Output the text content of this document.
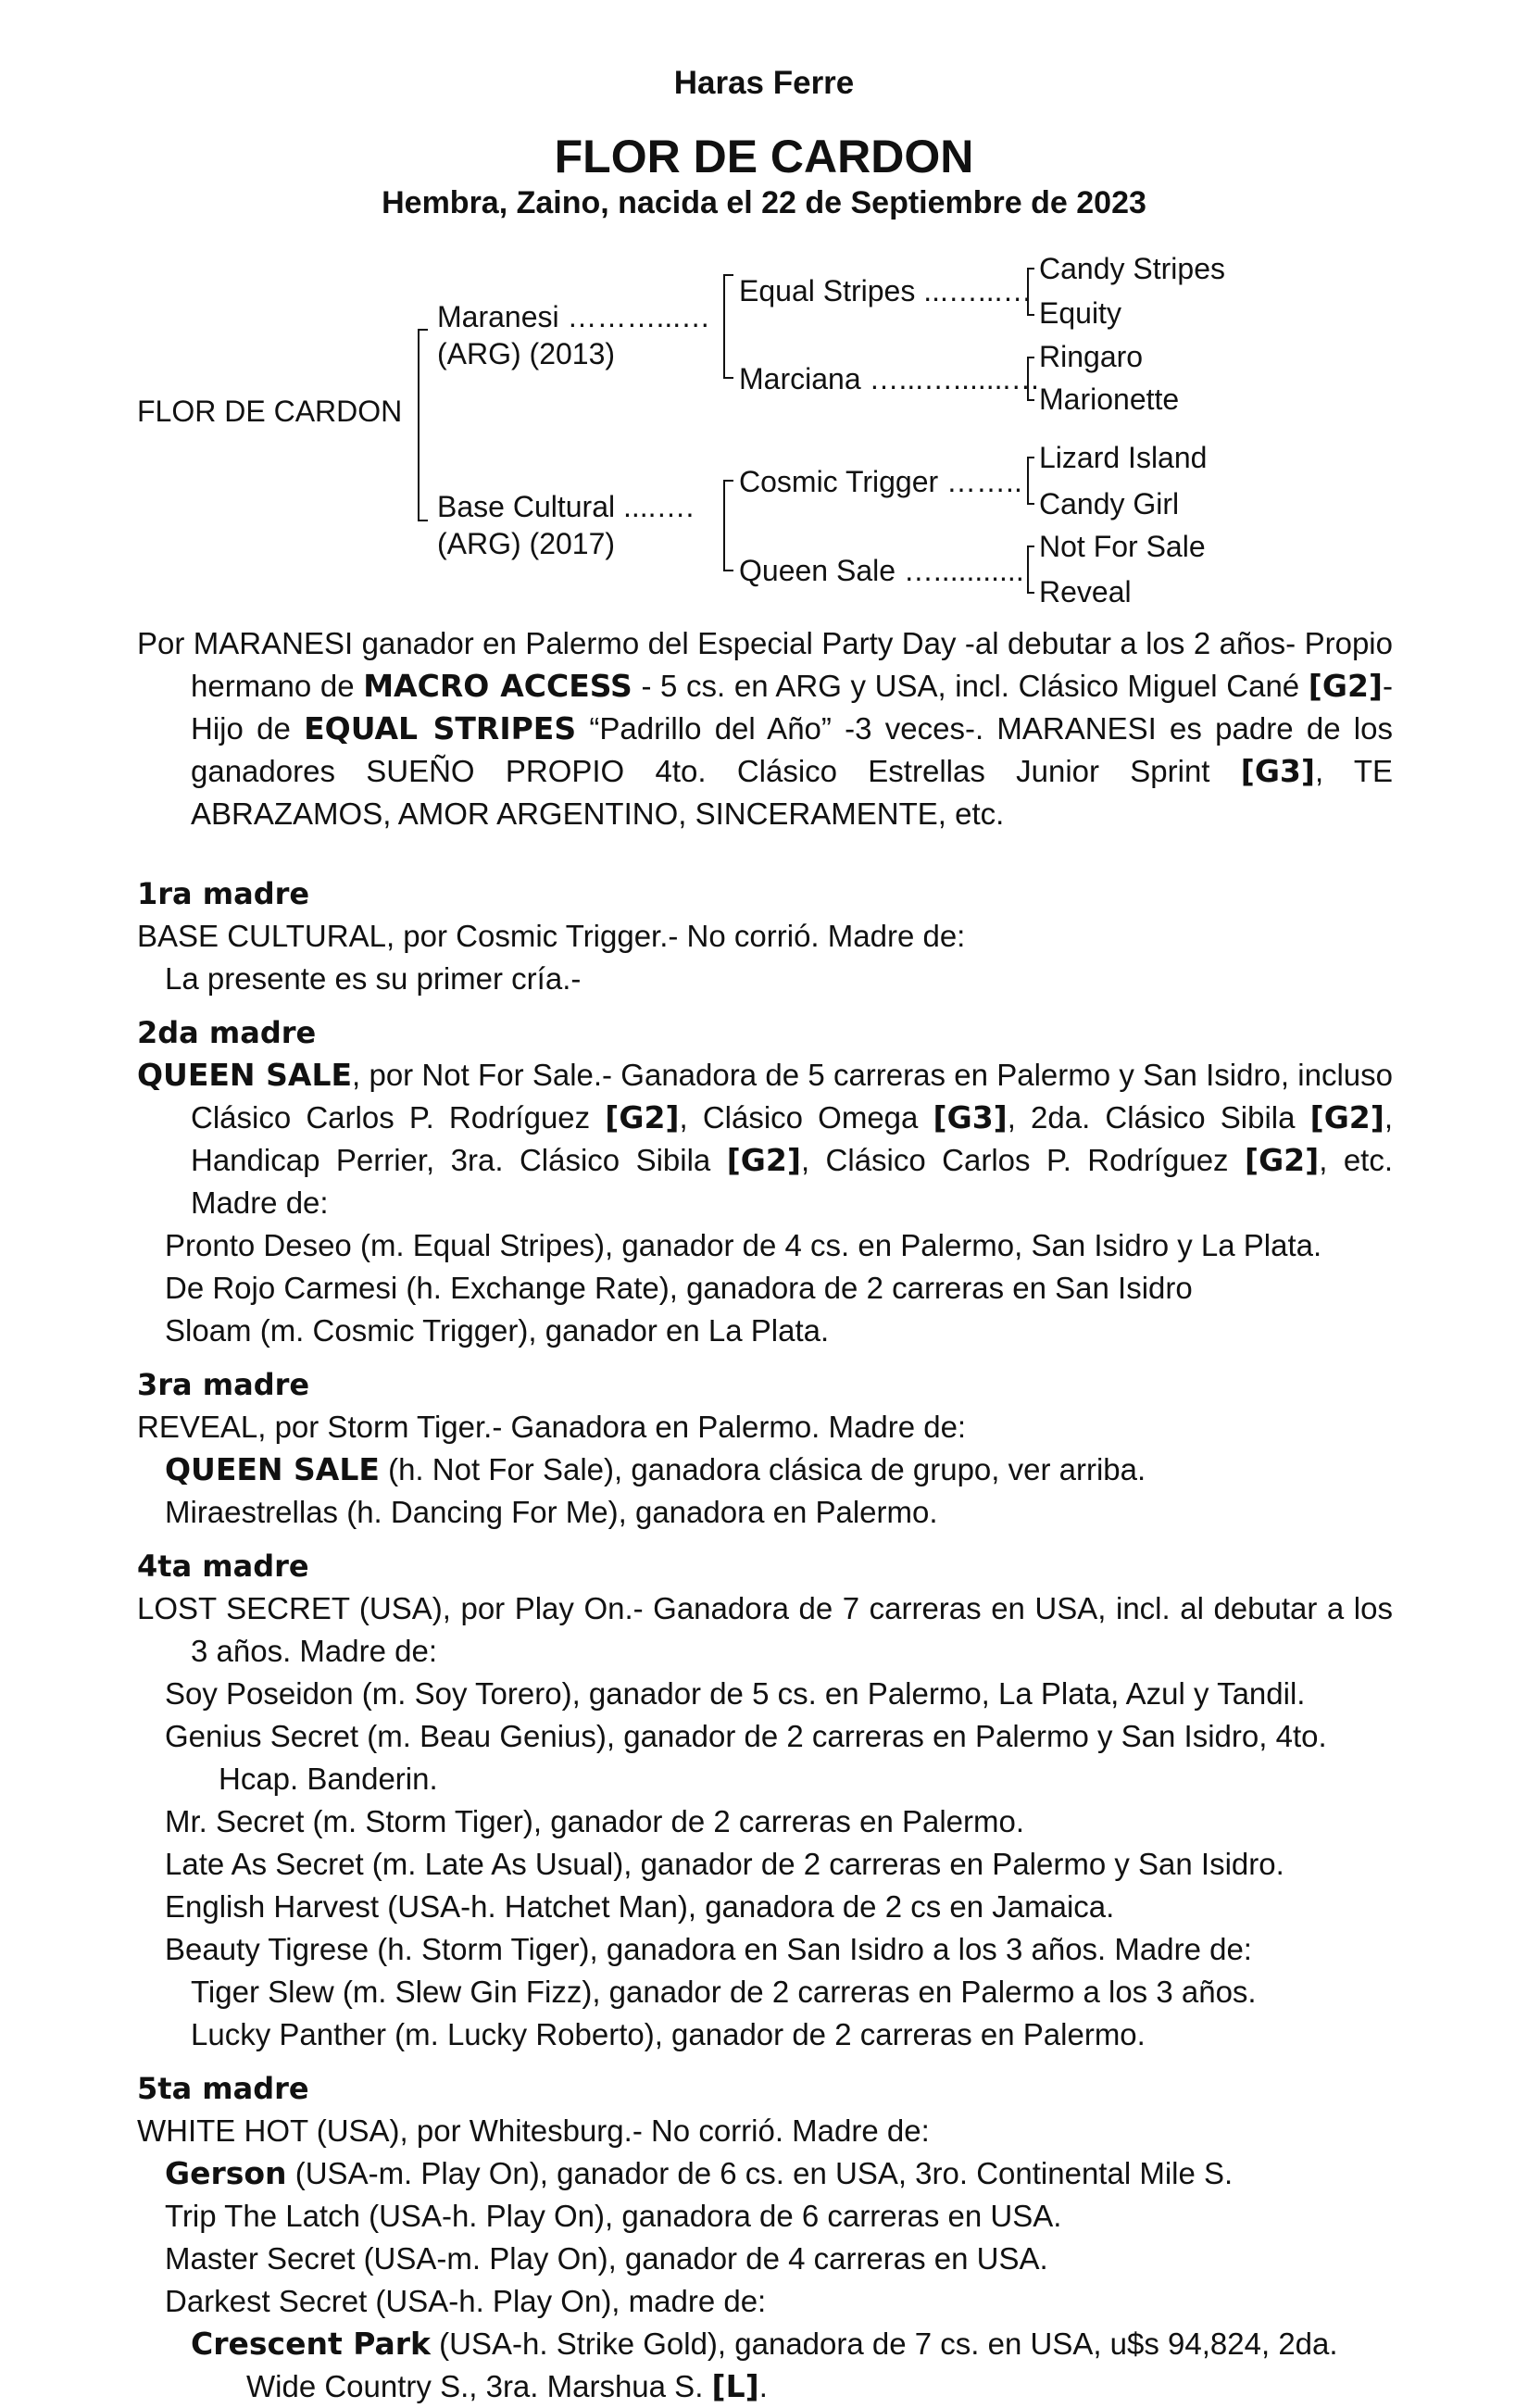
Haras Ferre
FLOR DE CARDON
Hembra, Zaino, nacida el 22 de Septiembre de 2023
FLOR DE CARDON
Maranesi ………...…
(ARG) (2013)
Base Cultural ....….
(ARG) (2017)
Equal Stripes ...…...…
Marciana …...….......…
Cosmic Trigger ……..
Queen Sale …...........
Candy Stripes
Equity
Ringaro
Marionette
Lizard Island
Candy Girl
Not For Sale
Reveal

Por MARANESI ganador en Palermo del Especial Party Day -al debutar a los 2 años- Propio hermano de MACRO ACCESS - 5 cs. en ARG y USA, incl. Clásico Miguel Cané [G2]- Hijo de EQUAL STRIPES “Padrillo del Año” -3 veces-. MARANESI es padre de los ganadores SUEÑO PROPIO 4to. Clásico Estrellas Junior Sprint [G3], TE ABRAZAMOS, AMOR ARGENTINO, SINCERAMENTE, etc.

1ra madre

BASE CULTURAL, por Cosmic Trigger.- No corrió. Madre de:

La presente es su primer cría.-

2da madre

QUEEN SALE, por Not For Sale.- Ganadora de 5 carreras en Palermo y San Isidro, incluso Clásico Carlos P. Rodríguez [G2], Clásico Omega [G3], 2da. Clásico Sibila [G2], Handicap Perrier, 3ra. Clásico Sibila [G2], Clásico Carlos P. Rodríguez [G2], etc. Madre de:

Pronto Deseo (m. Equal Stripes), ganador de 4 cs. en Palermo, San Isidro y La Plata.

De Rojo Carmesi (h. Exchange Rate), ganadora de 2 carreras en San Isidro

Sloam (m. Cosmic Trigger), ganador en La Plata.

3ra madre

REVEAL, por Storm Tiger.- Ganadora en Palermo. Madre de:

QUEEN SALE (h. Not For Sale), ganadora clásica de grupo, ver arriba.

Miraestrellas (h. Dancing For Me), ganadora en Palermo.

4ta madre

LOST SECRET (USA), por Play On.- Ganadora de 7 carreras en USA, incl. al debutar a los 3 años. Madre de:

Soy Poseidon (m. Soy Torero), ganador de 5 cs. en Palermo, La Plata, Azul y Tandil.

Genius Secret (m. Beau Genius), ganador de 2 carreras en Palermo y San Isidro, 4to. Hcap. Banderin.

Mr. Secret (m. Storm Tiger), ganador de 2 carreras en Palermo.

Late As Secret (m. Late As Usual), ganador de 2 carreras en Palermo y San Isidro.

English Harvest (USA-h. Hatchet Man), ganadora de 2 cs en Jamaica.

Beauty Tigrese (h. Storm Tiger), ganadora en San Isidro a los 3 años. Madre de:

Tiger Slew (m. Slew Gin Fizz), ganador de 2 carreras en Palermo a los 3 años.

Lucky Panther (m. Lucky Roberto), ganador de 2 carreras en Palermo.

5ta madre

WHITE HOT (USA), por Whitesburg.- No corrió. Madre de:

Gerson (USA-m. Play On), ganador de 6 cs. en USA, 3ro. Continental Mile S.

Trip The Latch (USA-h. Play On), ganadora de 6 carreras en USA.

Master Secret (USA-m. Play On), ganador de 4 carreras en USA.

Darkest Secret (USA-h. Play On), madre de:

Crescent Park (USA-h. Strike Gold), ganadora de 7 cs. en USA, u$s 94,824, 2da. Wide Country S., 3ra. Marshua S. [L].
